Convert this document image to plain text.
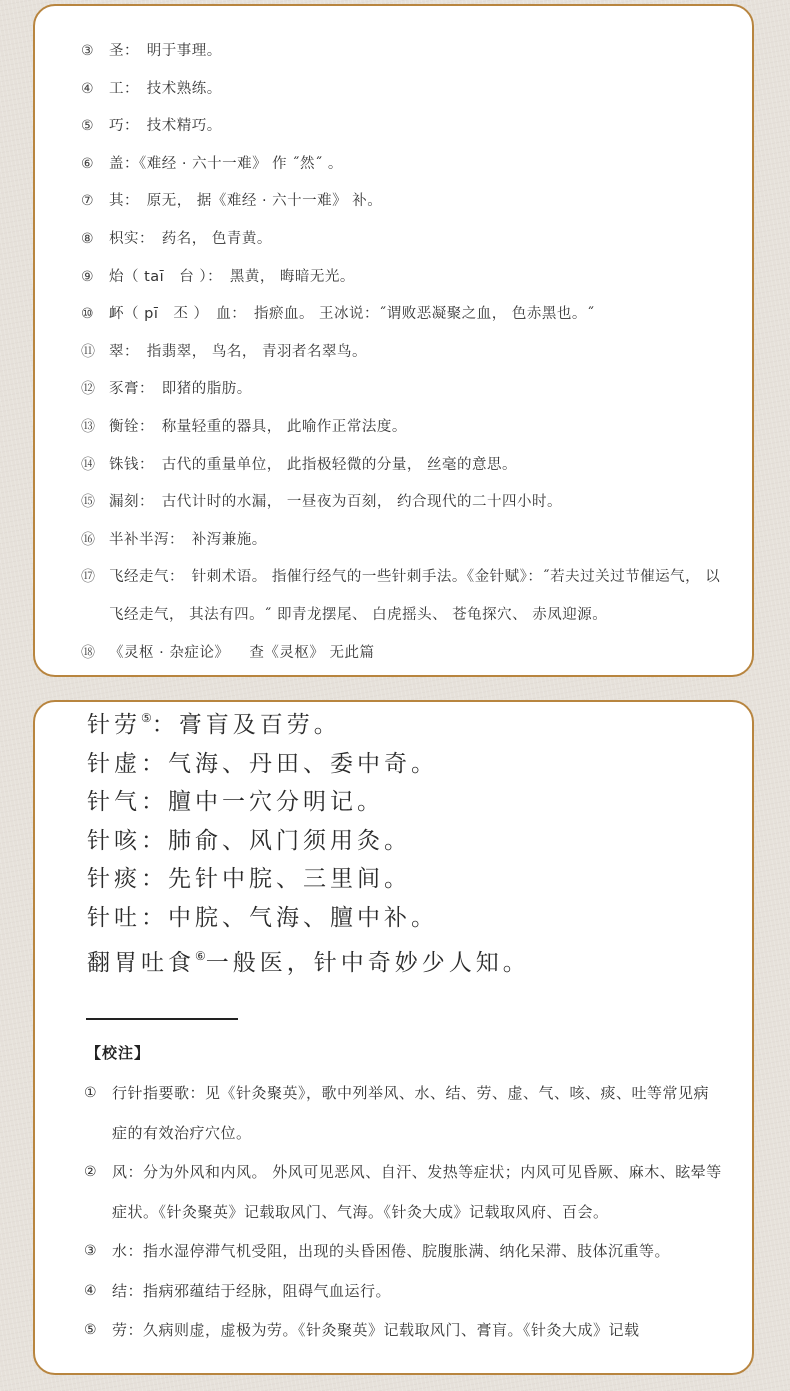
③	圣：　明于事理。
④	工：　技术熟练。
⑤	巧：　技术精巧。
⑥	盖：《难经 · 六十一难》 作 ˝然˝ 。
⑦	其：　原无， 据《难经 · 六十一难》 补。
⑧	枳实：　药名， 色青黄。
⑨	炲（ taī　台 ）：　黑黄， 晦暗无光。
⑩	衃（ pī　丕 ）　血：　指瘀血。 王冰说：˝谓败恶凝聚之血， 色赤黑也。˝
⑪ 翠：　指翡翠， 鸟名， 青羽者名翠鸟。
⑫ 豕膏：　即猪的脂肪。
⑬ 衡铨：　称量轻重的器具， 此喻作正常法度。
⑭ 铢钱：　古代的重量单位， 此指极轻微的分量， 丝毫的意思。
⑮ 漏刻：　古代计时的水漏， 一昼夜为百刻， 约合现代的二十四小时。
⑯ 半补半泻：　补泻兼施。
⑰ 飞经走气：　针刺术语。 指催行经气的一些针刺手法。《金针赋》：˝若夫过关过节催运气， 以飞经走气， 其法有四。˝ 即青龙摆尾、 白虎摇头、 苍龟探穴、 赤凤迎源。
⑱ 《灵枢 · 杂症论》 　查《灵枢》 无此篇
针劳⑤：膏肓及百劳。
针虚：气海、丹田、委中奇。
针气：膻中一穴分明记。
针咳：肺俞、风门须用灸。
针痰：先针中脘、三里间。
针吐：中脘、气海、膻中补。
翻胃吐食⑥一般医，针中奇妙少人知。
【校注】
① 行针指要歌：见《针灸聚英》，歌中列举风、水、结、劳、虚、气、咳、痰、吐等常见病症的有效治疗穴位。
② 风：分为外风和内风。 外风可见恶风、自汗、发热等症状；内风可见昏厥、麻木、眩晕等症状。《针灸聚英》记载取风门、气海。《针灸大成》记载取风府、百会。
③ 水：指水湿停滞气机受阻，出现的头昏困倦、脘腹胀满、纳化呆滞、肢体沉重等。
④ 结：指病邪蕴结于经脉，阻碍气血运行。
⑤ 劳：久病则虚，虚极为劳。《针灸聚英》记载取风门、膏肓。《针灸大成》记载
